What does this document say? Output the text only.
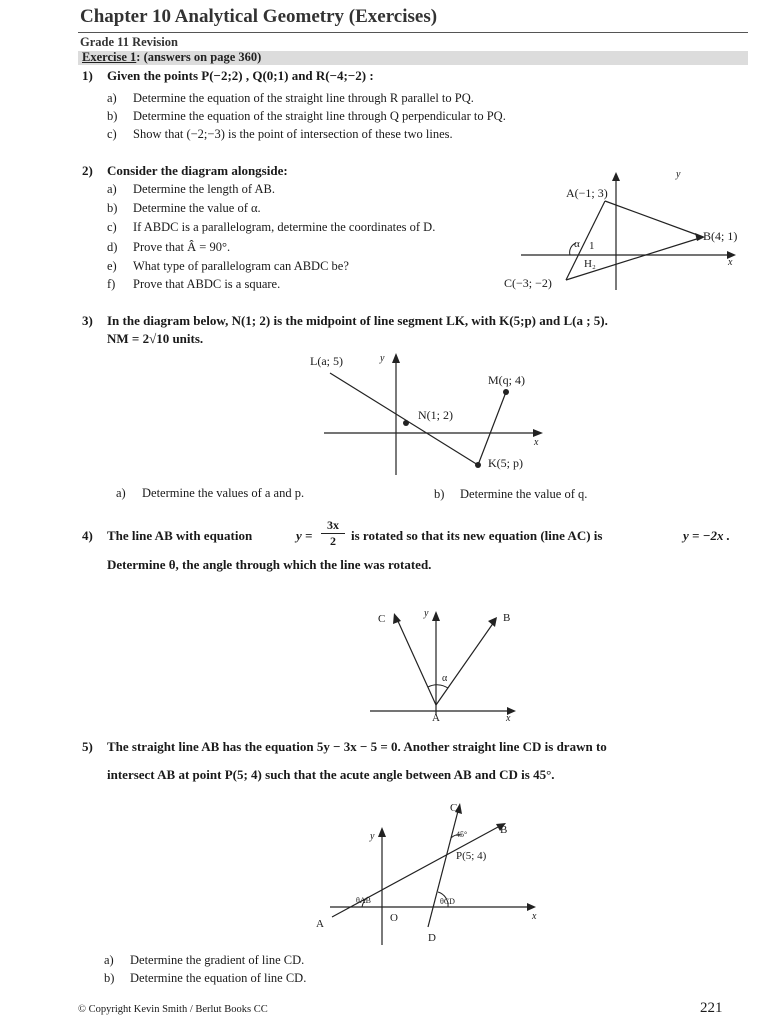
Chapter 10 Analytical Geometry (Exercises)
Grade 11 Revision
Exercise 1: (answers on page 360)
1) Given the points P(−2;2) , Q(0;1) and R(−4;−2) :
a) Determine the equation of the straight line through R parallel to PQ.
b) Determine the equation of the straight line through Q perpendicular to PQ.
c) Show that (−2;−3) is the point of intersection of these two lines.
2) Consider the diagram alongside:
a) Determine the length of AB.
b) Determine the value of α.
c) If ABDC is a parallelogram, determine the coordinates of D.
d) Prove that Â = 90°.
e) What type of parallelogram can ABDC be?
f) Prove that ABDC is a square.
y
x
A(−1; 3)
B(4; 1)
C(−3; −2)
α 1
H₂
3) In the diagram below, N(1; 2) is the midpoint of line segment LK, with K(5;p) and L(a ; 5).
NM = 2√10 units.
L(a; 5)	y
N(1; 2)
M(q; 4)
K(5; p)
x
a) Determine the values of a and p.	b) Determine the value of q.
4) The line AB with equation	$y = \frac{3x}{2}$ is rotated so that its new equation (line AC) is	y = −2x .
Determine θ, the angle through which the line was rotated.
C	B
A
y
x
α
5) The straight line AB has the equation 5y − 3x − 5 = 0. Another straight line CD is drawn to
intersect AB at point P(5; 4) such that the acute angle between AB and CD is 45°.
C
B
P(5; 4)
45°
A	O
D
θAB	θCD
y
x
a) Determine the gradient of line CD.
b) Determine the equation of line CD.
© Copyright Kevin Smith / Berlut Books CC	221
